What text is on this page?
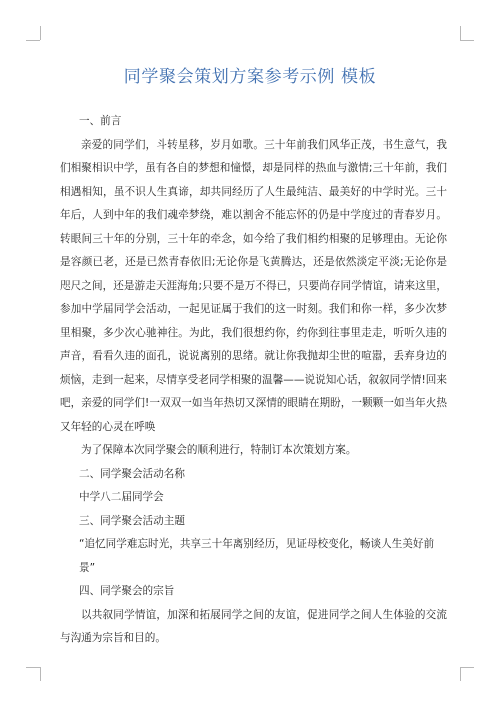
同学聚会策划方案参考示例 模板

一、前言

亲爱的同学们，斗转星移，岁月如歌。三十年前我们风华正茂，书生意气，我们相聚相识中学，虽有各自的梦想和憧憬，却是同样的热血与激情;三十年前，我们相遇相知，虽不识人生真谛，却共同经历了人生最纯洁、最美好的中学时光。三十年后，人到中年的我们魂牵梦绕，难以割舍不能忘怀的仍是中学度过的青春岁月。转眼间三十年的分别，三十年的牵念，如今给了我们相约相聚的足够理由。无论你是容颜已老，还是已然青春依旧;无论你是飞黄腾达，还是依然淡定平淡;无论你是咫尺之间，还是游走天涯海角;只要不是万不得已，只要尚存同学情谊，请来这里，参加中学届同学会活动，一起见证属于我们的这一时刻。我们和你一样，多少次梦里相聚，多少次心驰神往。为此，我们很想约你，约你到往事里走走，听听久违的声音，看看久违的面孔，说说离别的思绪。就让你我抛却尘世的喧嚣，丢弃身边的烦恼，走到一起来，尽情享受老同学相聚的温馨——说说知心话，叙叙同学情!回来吧，亲爱的同学们!一双双一如当年热切又深情的眼睛在期盼，一颗颗一如当年火热又年轻的心灵在呼唤

为了保障本次同学聚会的顺利进行，特制订本次策划方案。

二、同学聚会活动名称

中学八二届同学会

三、同学聚会活动主题

“追忆同学难忘时光，共享三十年离别经历，见证母校变化，畅谈人生美好前景”

四、同学聚会的宗旨

以共叙同学情谊，加深和拓展同学之间的友谊，促进同学之间人生体验的交流与沟通为宗旨和目的。
